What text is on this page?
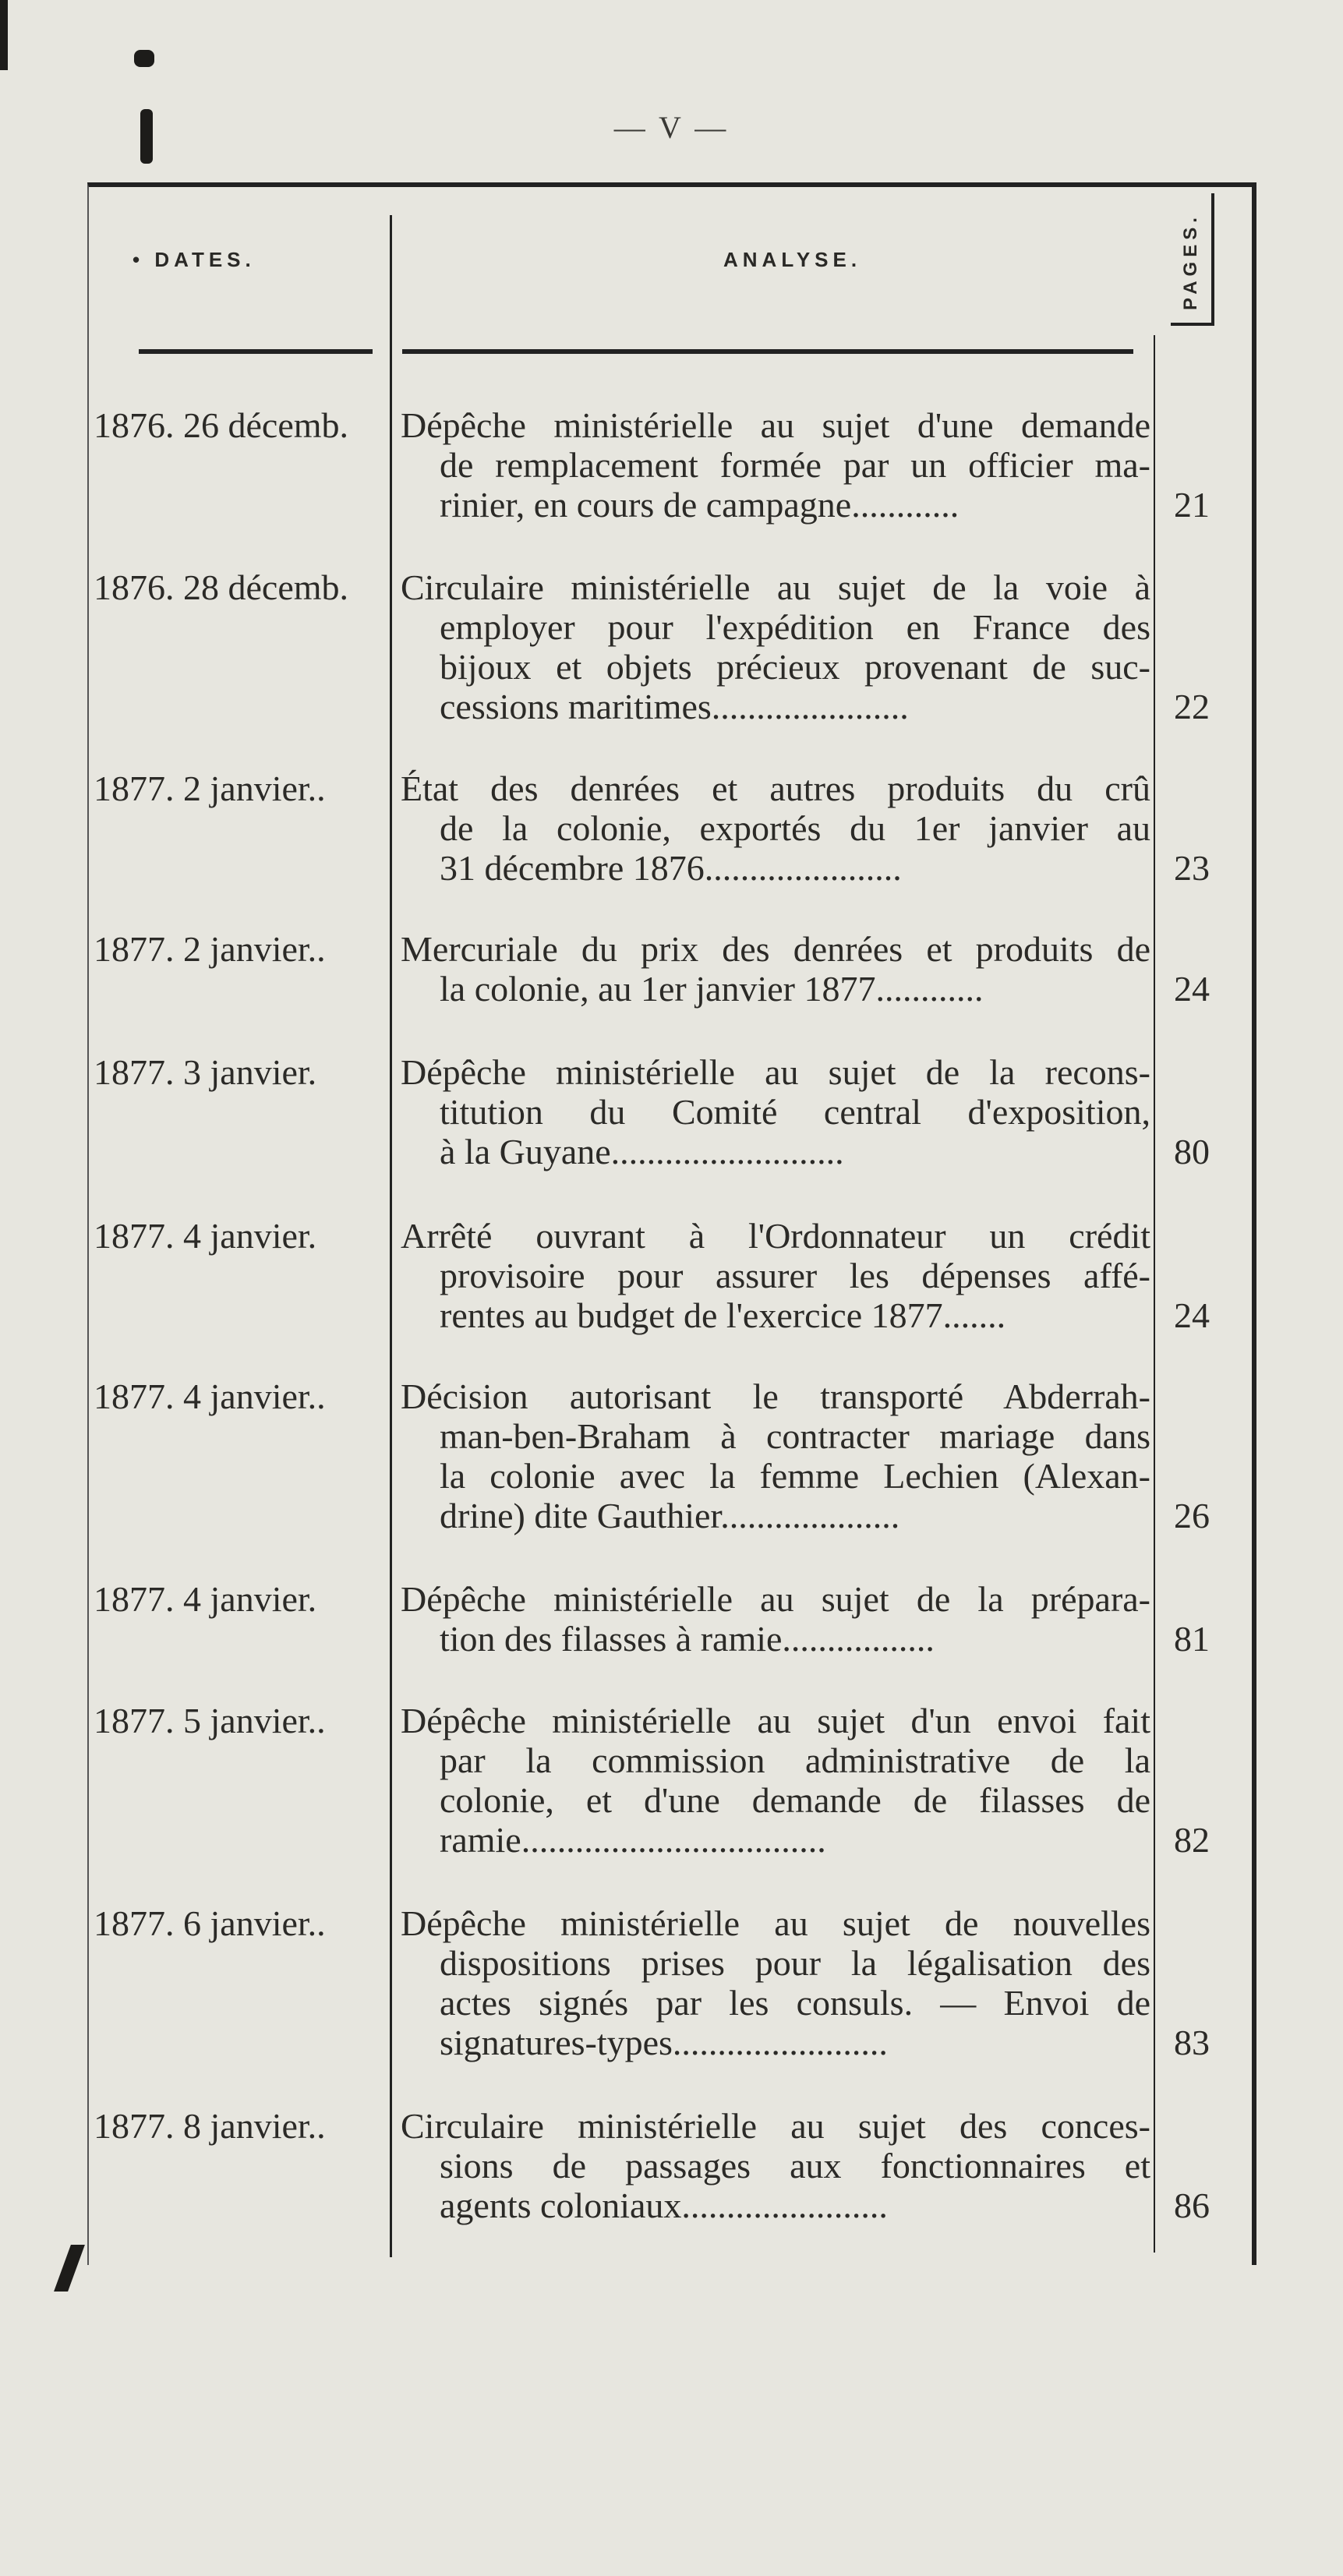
— V —
• DATES.	ANALYSE.	PAGES.
1876. 26 décemb.	Dépêche ministérielle au sujet d'une demande
de remplacement formée par un officier ma-
rinier, en cours de campagne............	21
1876. 28 décemb.	Circulaire ministérielle au sujet de la voie à
employer pour l'expédition en France des
bijoux et objets précieux provenant de suc-
cessions maritimes......................	22
1877. 2 janvier..	État des denrées et autres produits du crû
de la colonie, exportés du 1er janvier au
31 décembre 1876......................	23
1877. 2 janvier..	Mercuriale du prix des denrées et produits de
la colonie, au 1er janvier 1877............	24
1877. 3 janvier.	Dépêche ministérielle au sujet de la recons-
titution du Comité central d'exposition,
à la Guyane..........................	80
1877. 4 janvier.	Arrêté ouvrant à l'Ordonnateur un crédit
provisoire pour assurer les dépenses affé-
rentes au budget de l'exercice 1877.......	24
1877. 4 janvier..	Décision autorisant le transporté Abderrah-
man-ben-Braham à contracter mariage dans
la colonie avec la femme Lechien (Alexan-
drine) dite Gauthier....................	26
1877. 4 janvier.	Dépêche ministérielle au sujet de la prépara-
tion des filasses à ramie.................	81
1877. 5 janvier..	Dépêche ministérielle au sujet d'un envoi fait
par la commission administrative de la
colonie, et d'une demande de filasses de
ramie..................................	82
1877. 6 janvier..	Dépêche ministérielle au sujet de nouvelles
dispositions prises pour la légalisation des
actes signés par les consuls. — Envoi de
signatures-types........................	83
1877. 8 janvier..	Circulaire ministérielle au sujet des conces-
sions de passages aux fonctionnaires et
agents coloniaux.......................	86
